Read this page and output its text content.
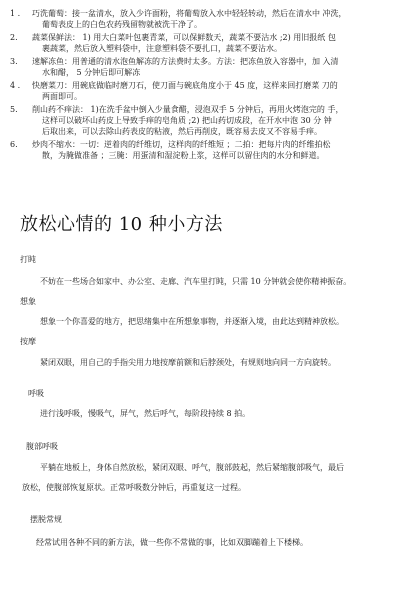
1 .	巧洗葡萄：接一盆清水，放入少许面粉，将葡萄放入水中轻轻转动，然后在清水中 冲洗，
葡萄表皮上的白色农药残留物就被洗干净了。
2.	蔬菜保鲜法： 1) 用大白菜叶包裹青菜，可以保鲜数天，蔬菜不要沾水 ;2) 用旧报纸 包
裹蔬菜，然后放入塑料袋中，注意塑料袋不要扎口，蔬菜不要沾水。
3.	速解冻鱼：用普通的清水泡鱼解冻的方法费时太多。方法：把冻鱼放入容器中，加 入清
水和醋， 5 分钟后即可解冻
4 .	快磨菜刀：用碗底做临时磨刀石，使刀面与碗底角度小于 45 度，这样来回打磨菜 刀的
两面即可。
5.	削山药不痒法： 1)在洗手盆中倒入少量食醋，浸泡双手 5 分钟后，再用火烤泡完的 手，
这样可以破坏山药皮上导致手痒的皂角质 ;2) 把山药切成段，在开水中泡 30 分 钟
后取出来，可以去除山药表皮的粘液，然后再削皮，既容易去皮又不容易手痒。
6.	炒肉不缩水：一切：逆着肉的纤维切，这样肉的纤维短 ；二拍：把每片肉的纤维拍松
散，为腌做准备 ；三腌：用蛋清和湿淀粉上浆，这样可以留住肉的水分和鲜道。
放松心情的 10 种小方法
打盹
不妨在一些场合如家中、办公室、走廊、汽车里打盹，只需 10 分钟就会使你精神振奋。
想象
想象一个你喜爱的地方，把思绪集中在所想象事物，并逐渐入境，由此达到精神放松。
按摩
紧闭双眼，用自己的手指尖用力地按摩前额和后脖颈处，有规则地向同一方向旋转。
呼吸
进行浅呼吸，慢吸气，屏气，然后呼气，每阶段持续 8 拍。
腹部呼吸
平躺在地板上，身体自然放松，紧闭双眼、呼气，腹部鼓起，然后紧缩腹部吸气，最后
放松，使腹部恢复原状。正常呼吸数分钟后，再重复这一过程。
摆脱常规
经常试用各种不同的新方法，做一些你不常做的事，比如双脚蹦着上下楼梯。
